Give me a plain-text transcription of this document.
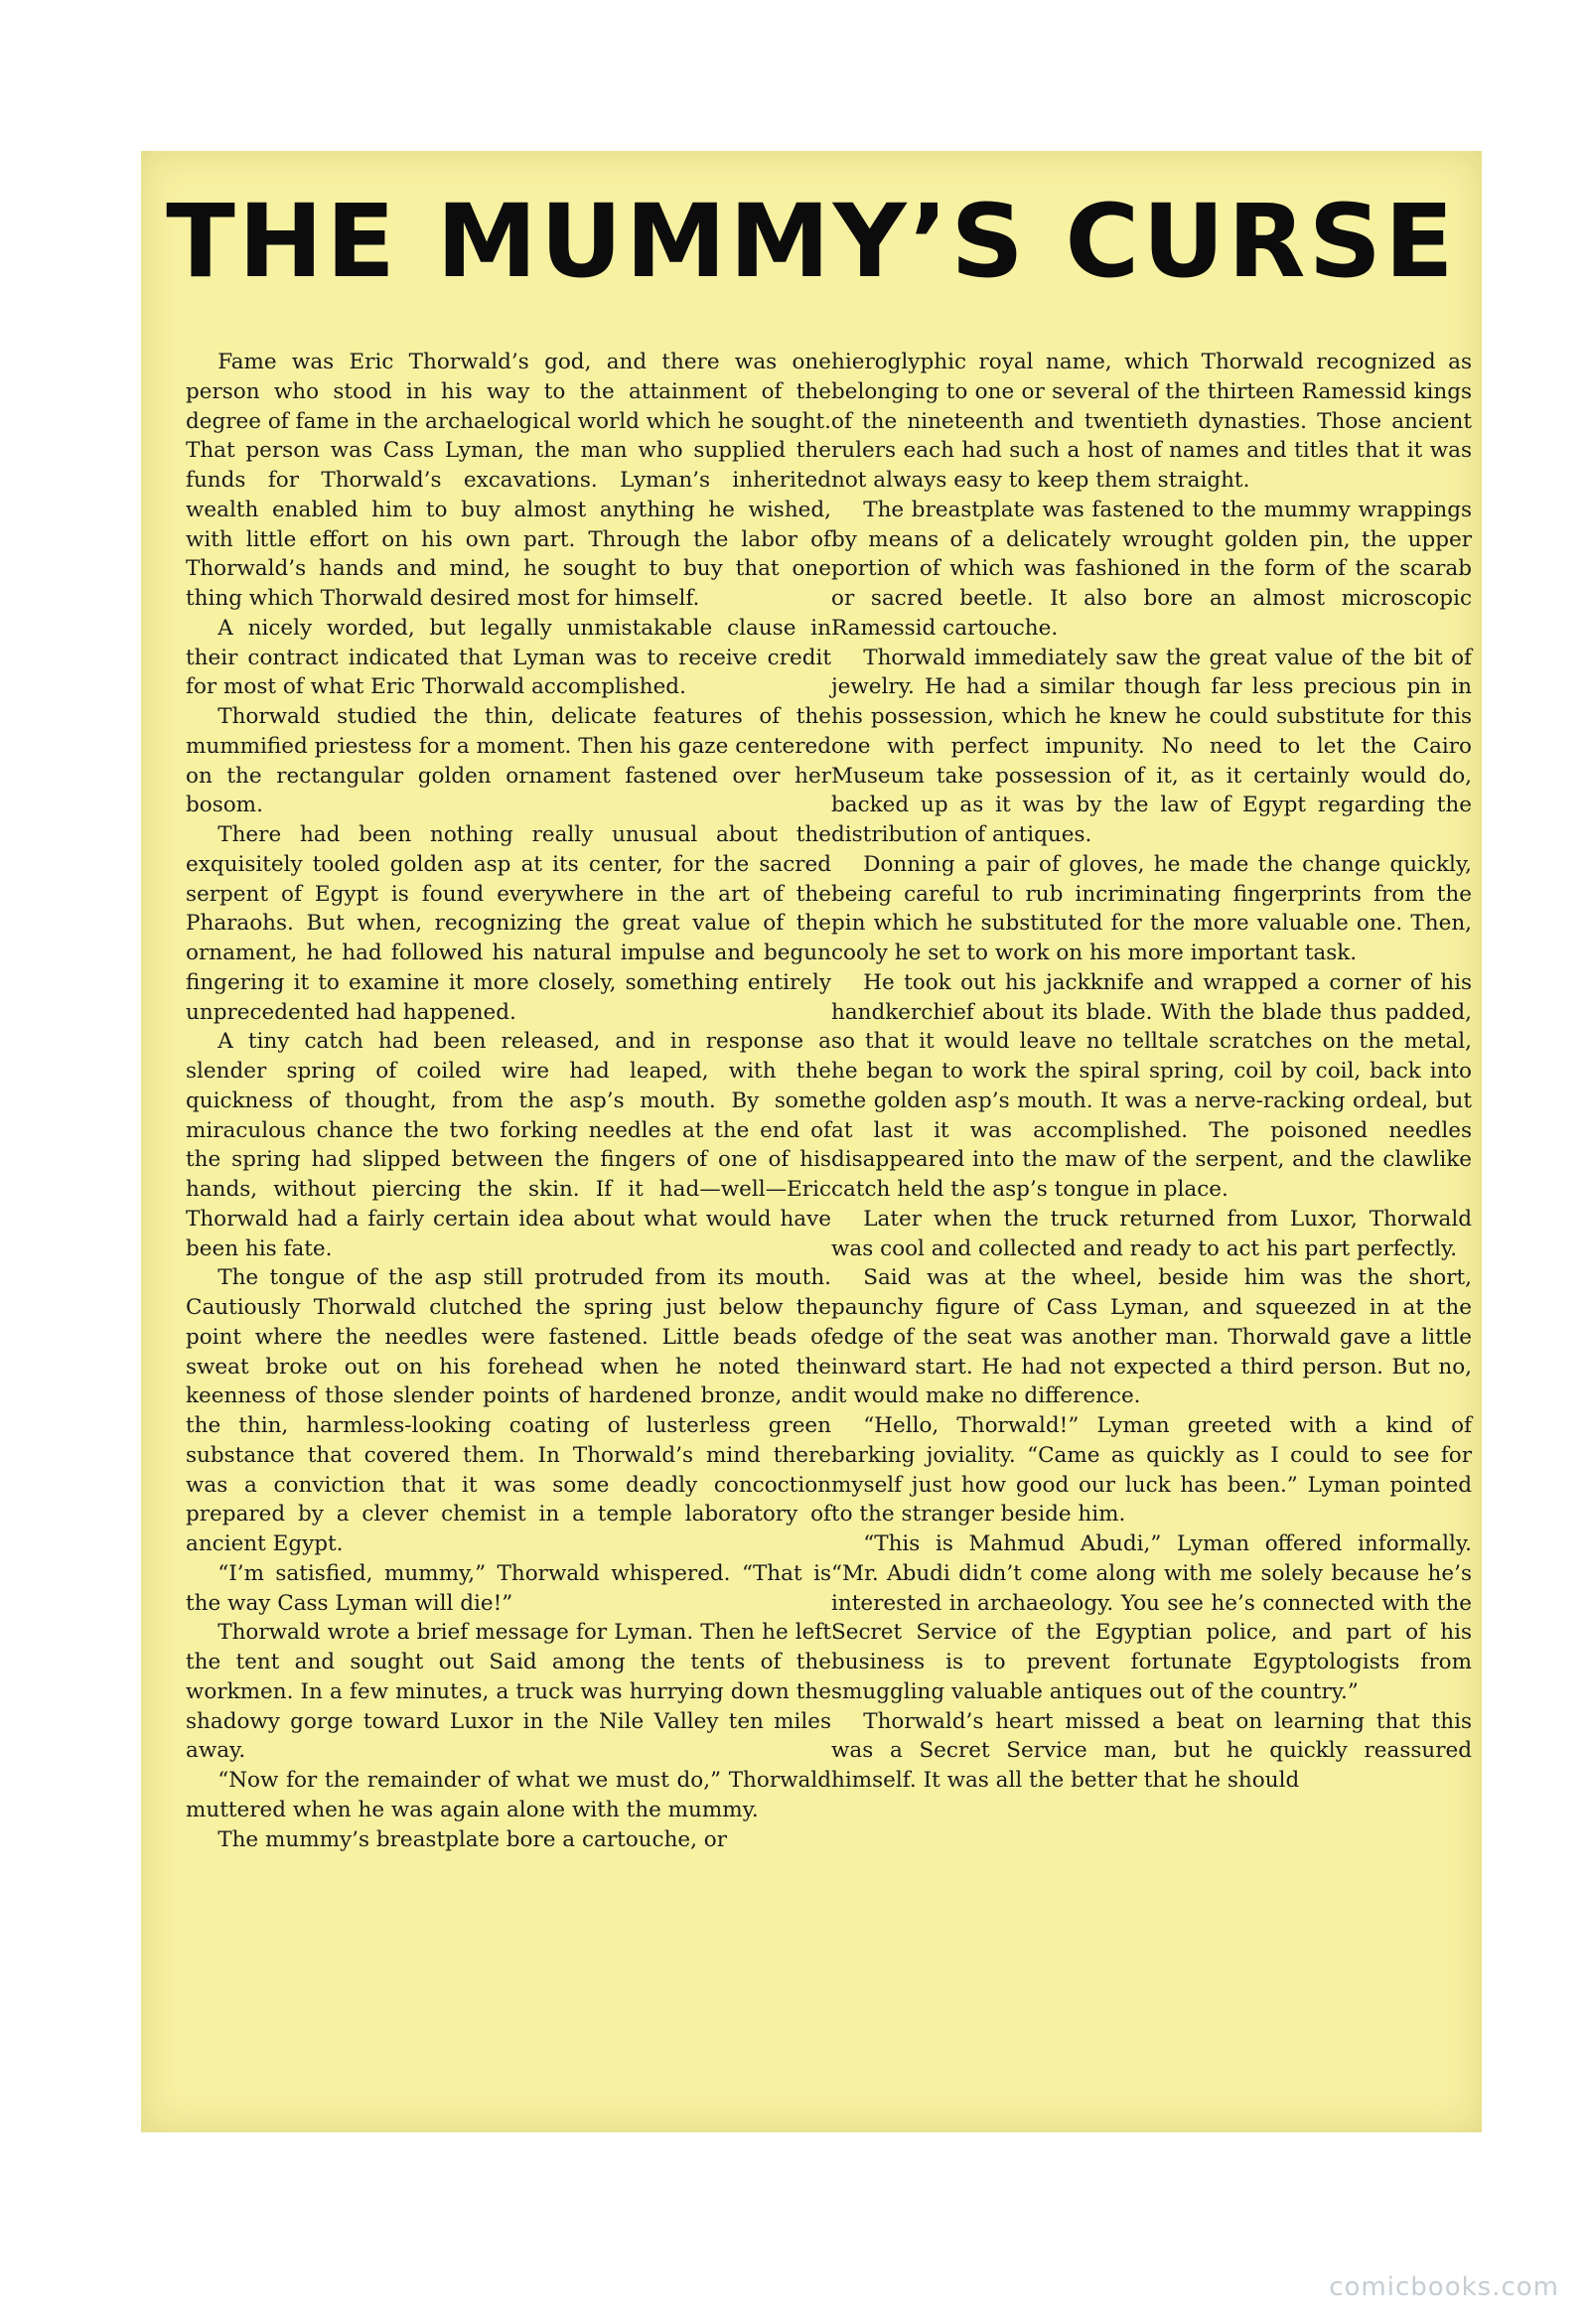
THE MUMMY’S CURSE

Fame was Eric Thorwald’s god, and there was one person who stood in his way to the attainment of the degree of fame in the archaelogical world which he sought. That person was Cass Lyman, the man who supplied the funds for Thorwald’s excavations. Lyman’s inherited wealth enabled him to buy almost anything he wished, with little effort on his own part. Through the labor of Thorwald’s hands and mind, he sought to buy that one thing which Thorwald desired most for himself.

A nicely worded, but legally unmistakable clause in their contract indicated that Lyman was to receive credit for most of what Eric Thorwald accomplished.

Thorwald studied the thin, delicate features of the mummified priestess for a moment. Then his gaze centered on the rectangular golden ornament fastened over her bosom.

There had been nothing really unusual about the exquisitely tooled golden asp at its center, for the sacred serpent of Egypt is found everywhere in the art of the Pharaohs. But when, recognizing the great value of the ornament, he had followed his natural impulse and begun fingering it to examine it more closely, something entirely unprecedented had happened.

A tiny catch had been released, and in response a slender spring of coiled wire had leaped, with the quickness of thought, from the asp’s mouth. By some miraculous chance the two forking needles at the end of the spring had slipped between the fingers of one of his hands, without piercing the skin. If it had—well—Eric Thorwald had a fairly certain idea about what would have been his fate.

The tongue of the asp still protruded from its mouth. Cautiously Thorwald clutched the spring just below the point where the needles were fastened. Little beads of sweat broke out on his forehead when he noted the keenness of those slender points of hardened bronze, and the thin, harmless-looking coating of lusterless green substance that covered them. In Thorwald’s mind there was a conviction that it was some deadly concoction prepared by a clever chemist in a temple laboratory of ancient Egypt.

“I’m satisfied, mummy,” Thorwald whispered. “That is the way Cass Lyman will die!”

Thorwald wrote a brief message for Lyman. Then he left the tent and sought out Said among the tents of the workmen. In a few minutes, a truck was hurrying down the shadowy gorge toward Luxor in the Nile Valley ten miles away.

“Now for the remainder of what we must do,” Thorwald muttered when he was again alone with the mummy.

The mummy’s breastplate bore a cartouche, or

hieroglyphic royal name, which Thorwald recognized as belonging to one or several of the thirteen Ramessid kings of the nineteenth and twentieth dynasties. Those ancient rulers each had such a host of names and titles that it was not always easy to keep them straight.

The breastplate was fastened to the mummy wrappings by means of a delicately wrought golden pin, the upper portion of which was fashioned in the form of the scarab or sacred beetle. It also bore an almost microscopic Ramessid cartouche.

Thorwald immediately saw the great value of the bit of jewelry. He had a similar though far less precious pin in his possession, which he knew he could substitute for this one with perfect impunity. No need to let the Cairo Museum take possession of it, as it certainly would do, backed up as it was by the law of Egypt regarding the distribution of antiques.

Donning a pair of gloves, he made the change quickly, being careful to rub incriminating fingerprints from the pin which he substituted for the more valuable one. Then, cooly he set to work on his more important task.

He took out his jackknife and wrapped a corner of his handkerchief about its blade. With the blade thus padded, so that it would leave no telltale scratches on the metal, he began to work the spiral spring, coil by coil, back into the golden asp’s mouth. It was a nerve-racking ordeal, but at last it was accomplished. The poisoned needles disappeared into the maw of the serpent, and the clawlike catch held the asp’s tongue in place.

Later when the truck returned from Luxor, Thorwald was cool and collected and ready to act his part perfectly.

Said was at the wheel, beside him was the short, paunchy figure of Cass Lyman, and squeezed in at the edge of the seat was another man. Thorwald gave a little inward start. He had not expected a third person. But no, it would make no difference.

“Hello, Thorwald!” Lyman greeted with a kind of barking joviality. “Came as quickly as I could to see for myself just how good our luck has been.” Lyman pointed to the stranger beside him.

“This is Mahmud Abudi,” Lyman offered informally. “Mr. Abudi didn’t come along with me solely because he’s interested in archaeology. You see he’s connected with the Secret Service of the Egyptian police, and part of his business is to prevent fortunate Egyptologists from smuggling valuable antiques out of the country.”

Thorwald’s heart missed a beat on learning that this was a Secret Service man, but he quickly reassured himself. It was all the better that he should

comicbooks.com
